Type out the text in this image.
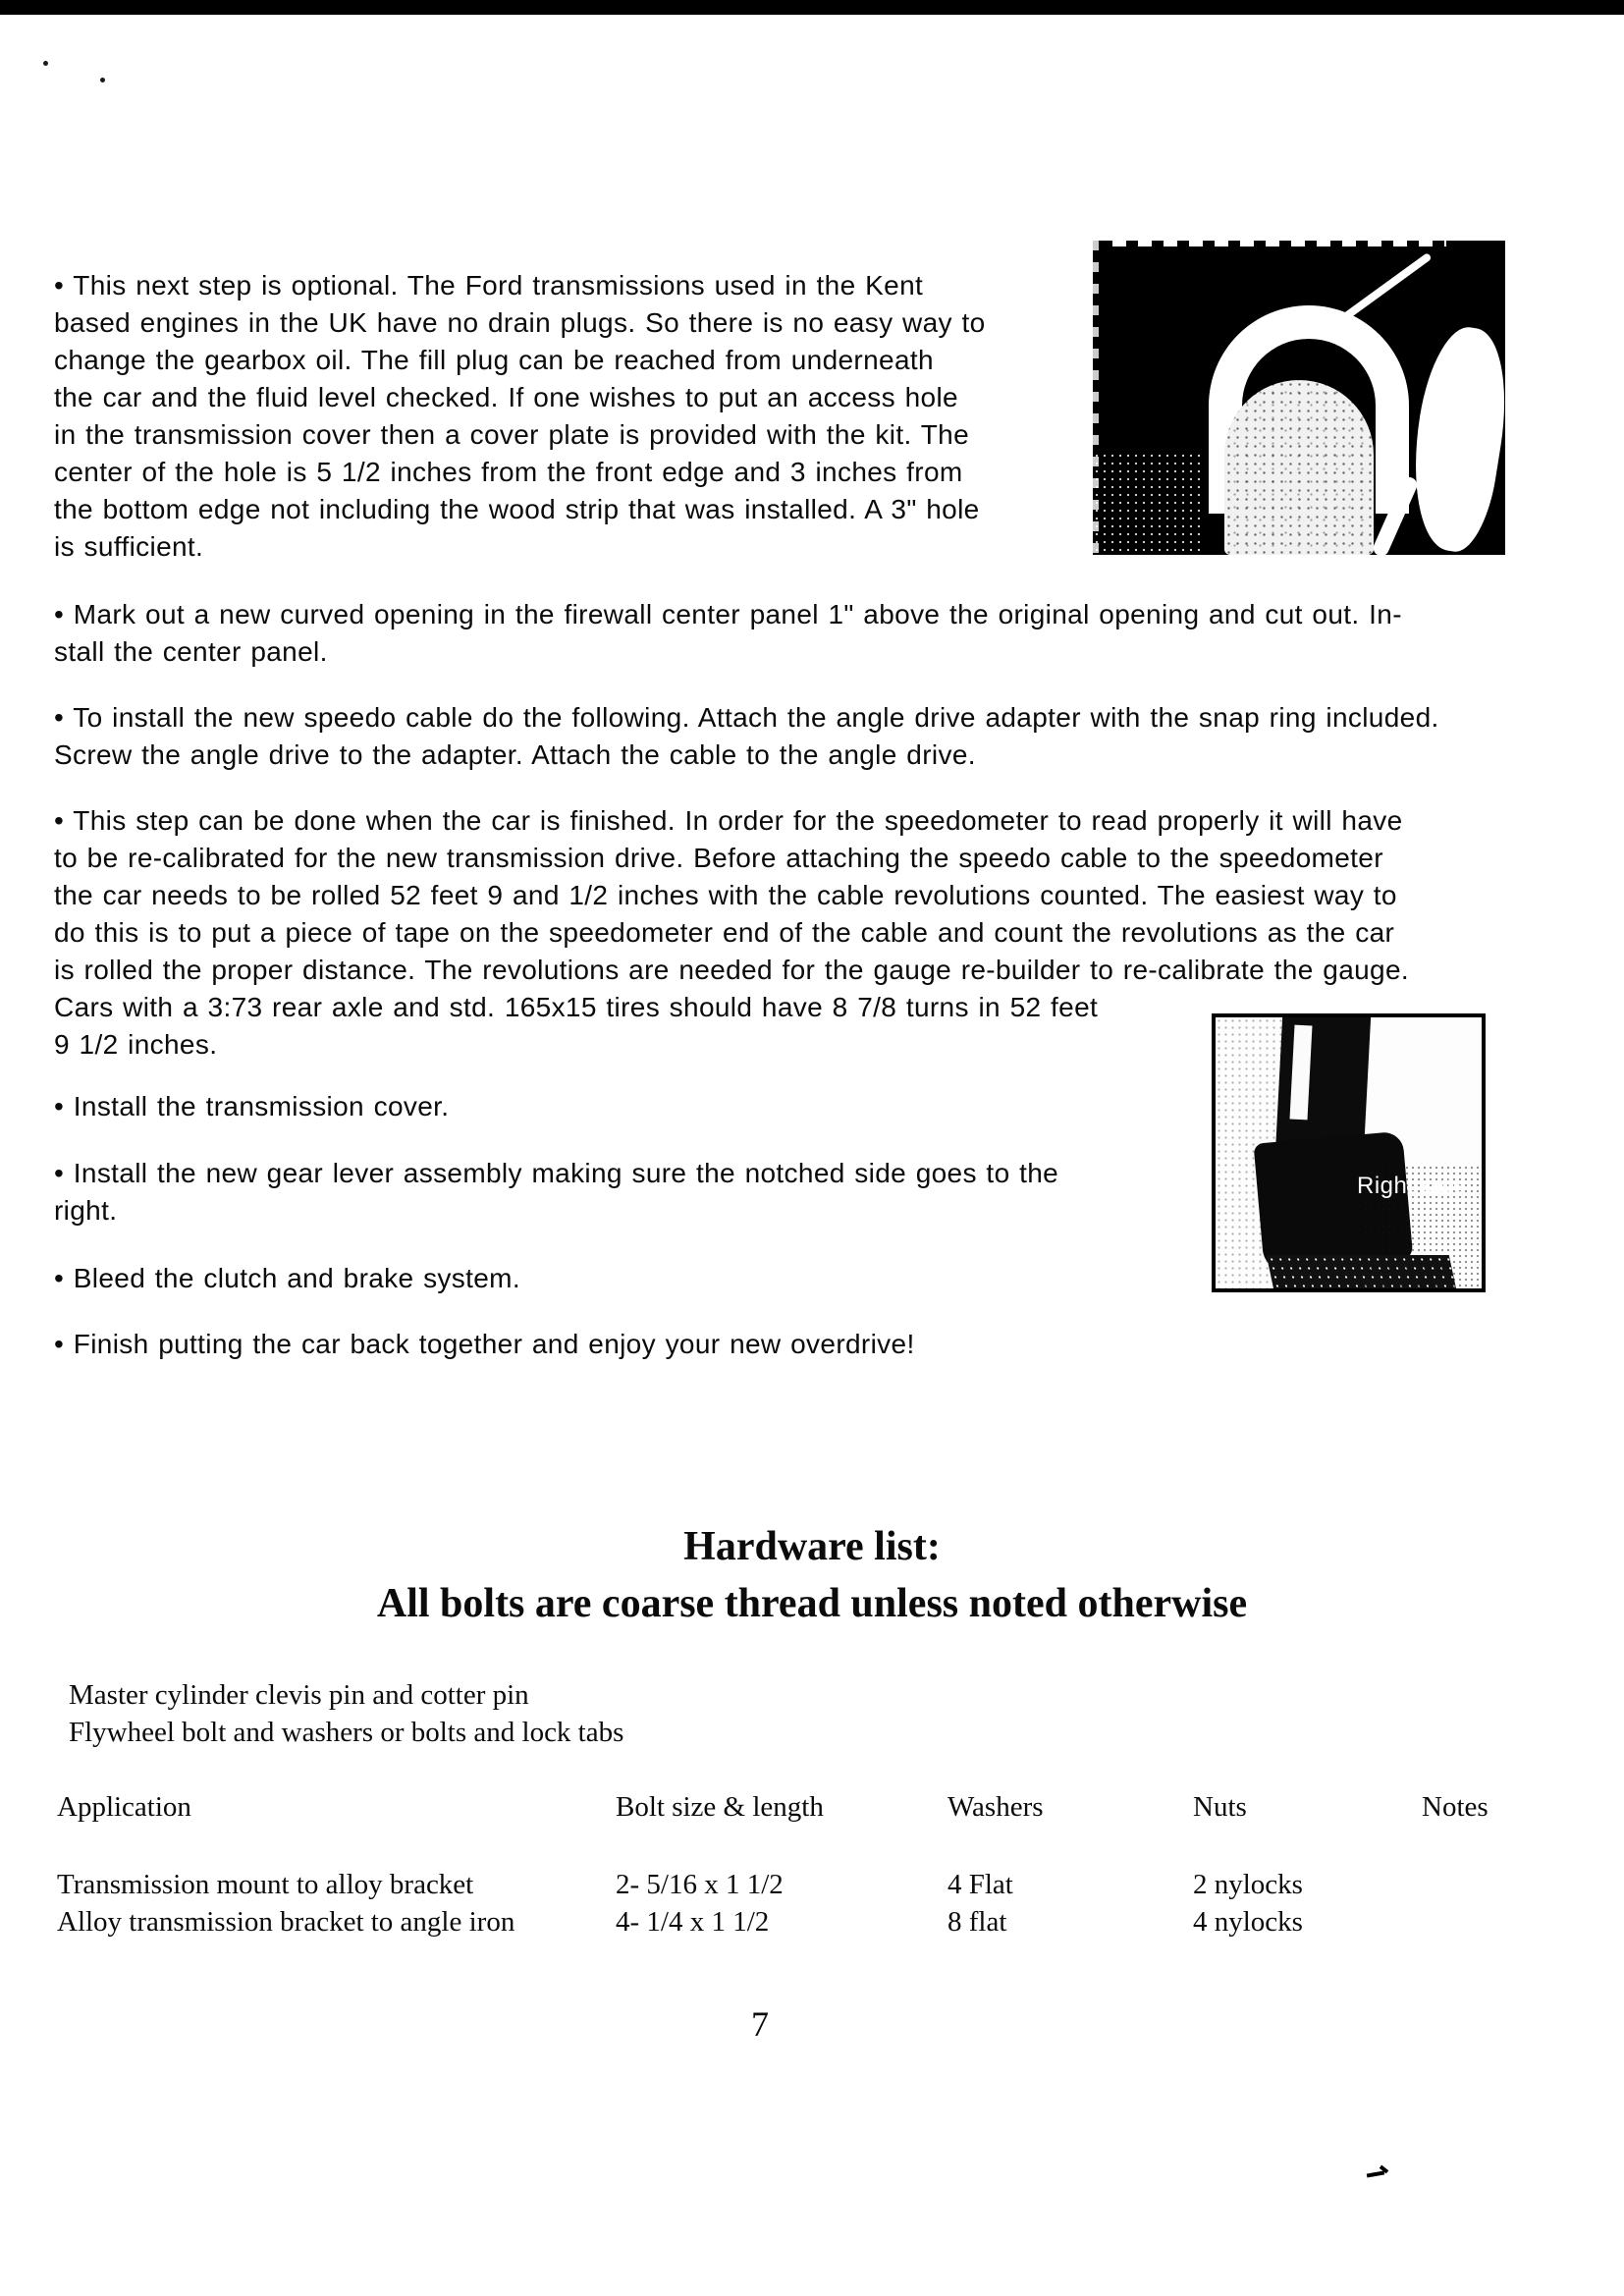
• This next step is optional. The Ford transmissions used in the Kent
based engines in the UK have no drain plugs. So there is no easy way to
change the gearbox oil. The fill plug can be reached from underneath
the car and the fluid level checked. If one wishes to put an access hole
in the transmission cover then a cover plate is provided with the kit. The
center of the hole is 5 1/2 inches from the front edge and 3 inches from
the bottom edge not including the wood strip that was installed. A 3" hole
is sufficient.
• Mark out a new curved opening in the firewall center panel 1" above the original opening and cut out. In-
stall the center panel.
• To install the new speedo cable do the following. Attach the angle drive adapter with the snap ring included.
Screw the angle drive to the adapter. Attach the cable to the angle drive.
• This step can be done when the car is finished. In order for the speedometer to read properly it will have
to be re-calibrated for the new transmission drive. Before attaching the speedo cable to the speedometer
the car needs to be rolled 52 feet 9 and 1/2 inches with the cable revolutions counted. The easiest way to
do this is to put a piece of tape on the speedometer end of the cable and count the revolutions as the car
is rolled the proper distance. The revolutions are needed for the gauge re-builder to re-calibrate the gauge.
Cars with a 3:73 rear axle and std. 165x15 tires should have 8 7/8 turns in 52 feet
9 1/2 inches.
• Install the transmission cover.
• Install the new gear lever assembly making sure the notched side goes to the
right.
• Bleed the clutch and brake system.
• Finish putting the car back together and enjoy your new overdrive!
Right side
Hardware list:
All bolts are coarse thread unless noted otherwise
Master cylinder clevis pin and cotter pin
Flywheel bolt and washers or bolts and lock tabs
Application	Bolt size & length	Washers	Nuts	Notes
Transmission mount to alloy bracket	2- 5/16 x 1 1/2	4 Flat	2 nylocks
Alloy transmission bracket to angle iron	4- 1/4 x 1 1/2	8 flat	4 nylocks
7
